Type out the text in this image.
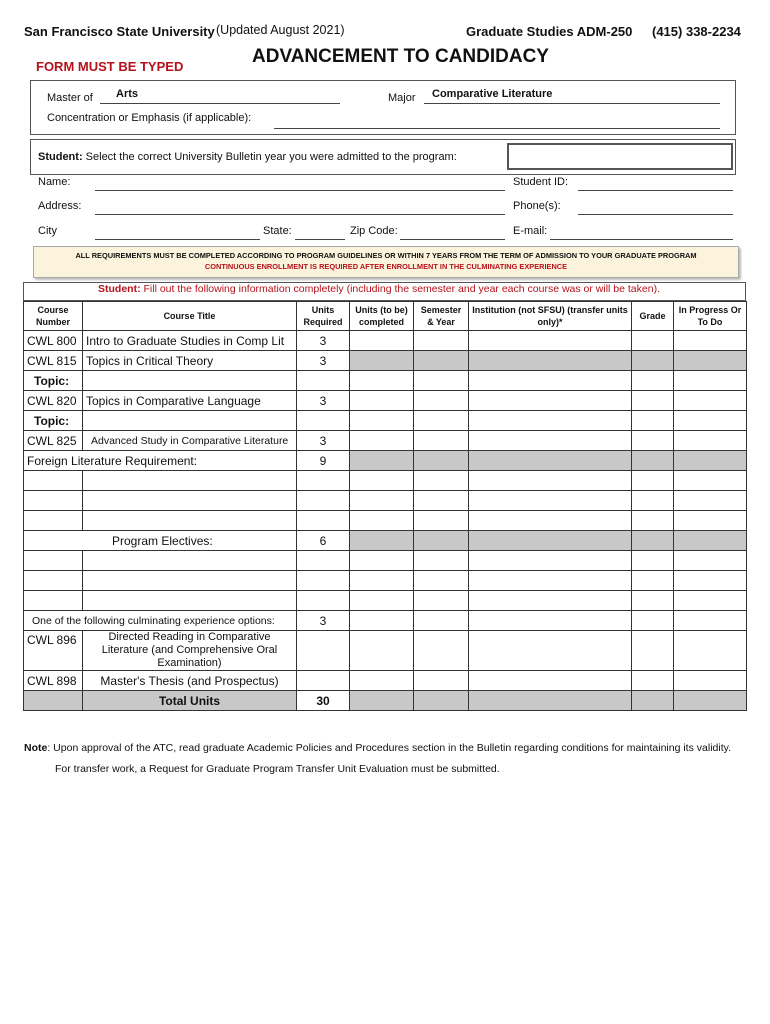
San Francisco State University (Updated August 2021)	Graduate Studies ADM-250 (415) 338-2234
ADVANCEMENT TO CANDIDACY
FORM MUST BE TYPED
Master of Arts	Major Comparative Literature
Concentration or Emphasis (if applicable):
Student: Select the correct University Bulletin year you were admitted to the program:
Name:	Student ID:
Address:	Phone(s):
City	State:	Zip Code:	E-mail:
ALL REQUIREMENTS MUST BE COMPLETED ACCORDING TO PROGRAM GUIDELINES OR WITHIN 7 YEARS FROM THE TERM OF ADMISSION TO YOUR GRADUATE PROGRAM
CONTINUOUS ENROLLMENT IS REQUIRED AFTER ENROLLMENT IN THE CULMINATING EXPERIENCE
Student: Fill out the following information completely (including the semester and year each course was or will be taken).
Course Number	Course Title	Units Required	Units (to be) completed	Semester & Year	Institution (not SFSU) (transfer units only)*	Grade	In Progress Or To Do
CWL 800	Intro to Graduate Studies in Comp Lit	3					
CWL 815	Topics in Critical Theory	3					
Topic:							
CWL 820	Topics in Comparative Language	3					
Topic:							
CWL 825	Advanced Study in Comparative Literature	3					
Foreign Literature Requirement:		9					

Program Electives:		6					

One of the following culminating experience options:		3					
CWL 896	Directed Reading in Comparative Literature (and Comprehensive Oral Examination)						
CWL 898	Master's Thesis (and Prospectus)						
	Total Units	30					
Note: Upon approval of the ATC, read graduate Academic Policies and Procedures section in the Bulletin regarding conditions for maintaining its validity.
For transfer work, a Request for Graduate Program Transfer Unit Evaluation must be submitted.
